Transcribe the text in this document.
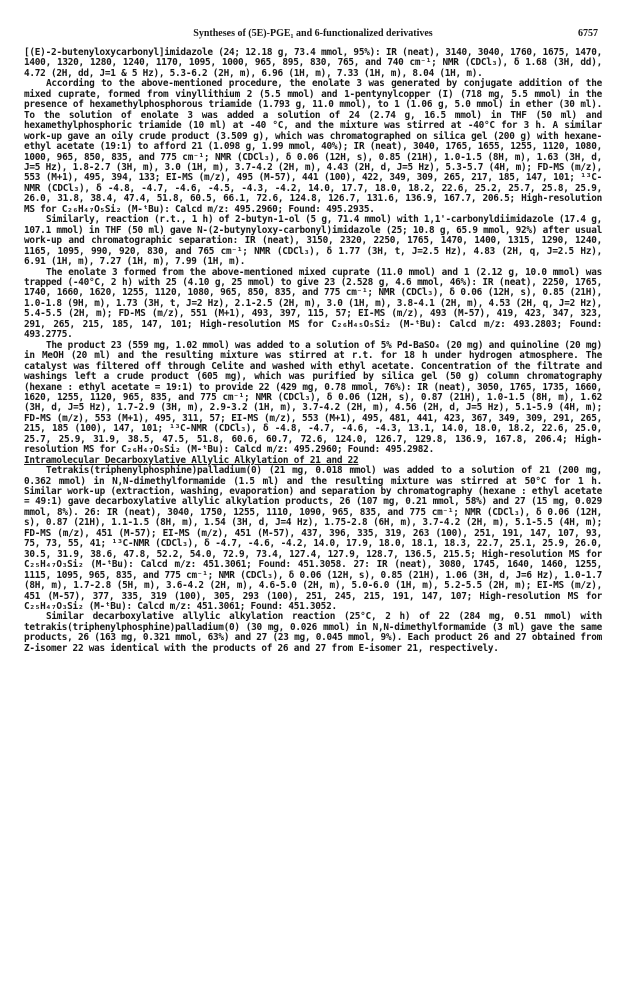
Syntheses of (5E)-PGE₁ and 6-functionalized derivatives	6757

[(E)-2-butenyloxycarbonyl]imidazole (24; 12.18 g, 73.4 mmol, 95%): IR (neat), 3140, 3040, 1760, 1675, 1470, 1400, 1320, 1280, 1240, 1170, 1095, 1000, 965, 895, 830, 765, and 740 cm⁻¹; NMR (CDCl₃), δ 1.68 (3H, dd), 4.72 (2H, dd, J=1 & 5 Hz), 5.3-6.2 (2H, m), 6.96 (1H, m), 7.33 (1H, m), 8.04 (1H, m).

According to the above-mentioned procedure, the enolate 3 was generated by conjugate addition of the mixed cuprate, formed from vinyllithium 2 (5.5 mmol) and 1-pentynylcopper (I) (718 mg, 5.5 mmol) in the presence of hexamethylphosphorous triamide (1.793 g, 11.0 mmol), to 1 (1.06 g, 5.0 mmol) in ether (30 ml). To the solution of enolate 3 was added a solution of 24 (2.74 g, 16.5 mmol) in THF (50 ml) and hexamethylphosphoric triamide (10 ml) at -40 °C, and the mixture was stirred at -40°C for 3 h. A similar work-up gave an oily crude product (3.509 g), which was chromatographed on silica gel (200 g) with hexane-ethyl acetate (19:1) to afford 21 (1.098 g, 1.99 mmol, 40%); IR (neat), 3040, 1765, 1655, 1255, 1120, 1080, 1000, 965, 850, 835, and 775 cm⁻¹; NMR (CDCl₃), δ 0.06 (12H, s), 0.85 (21H), 1.0-1.5 (8H, m), 1.63 (3H, d, J=5 Hz), 1.8-2.7 (3H, m), 3.0 (1H, m), 3.7-4.2 (2H, m), 4.43 (2H, d, J=5 Hz), 5.3-5.7 (4H, m); FD-MS (m/z), 553 (M+1), 495, 394, 133; EI-MS (m/z), 495 (M-57), 441 (100), 422, 349, 309, 265, 217, 185, 147, 101; ¹³C-NMR (CDCl₃), δ -4.8, -4.7, -4.6, -4.5, -4.3, -4.2, 14.0, 17.7, 18.0, 18.2, 22.6, 25.2, 25.7, 25.8, 25.9, 26.0, 31.8, 38.4, 47.4, 51.8, 60.5, 66.1, 72.6, 124.8, 126.7, 131.6, 136.9, 167.7, 206.5; High-resolution MS for C₂₆H₄₇O₅Si₂ (M-ᵗBu): Calcd m/z: 495.2960; Found: 495.2935.

Similarly, reaction (r.t., 1 h) of 2-butyn-1-ol (5 g, 71.4 mmol) with 1,1'-carbonyldiimidazole (17.4 g, 107.1 mmol) in THF (50 ml) gave N-(2-butynyloxy-carbonyl)imidazole (25; 10.8 g, 65.9 mmol, 92%) after usual work-up and chromatographic separation: IR (neat), 3150, 2320, 2250, 1765, 1470, 1400, 1315, 1290, 1240, 1165, 1095, 990, 920, 830, and 765 cm⁻¹; NMR (CDCl₃), δ 1.77 (3H, t, J=2.5 Hz), 4.83 (2H, q, J=2.5 Hz), 6.91 (1H, m), 7.27 (1H, m), 7.99 (1H, m).

The enolate 3 formed from the above-mentioned mixed cuprate (11.0 mmol) and 1 (2.12 g, 10.0 mmol) was trapped (-40°C, 2 h) with 25 (4.10 g, 25 mmol) to give 23 (2.528 g, 4.6 mmol, 46%): IR (neat), 2250, 1765, 1740, 1660, 1620, 1255, 1120, 1080, 965, 850, 835, and 775 cm⁻¹; NMR (CDCl₃), δ 0.06 (12H, s), 0.85 (21H), 1.0-1.8 (9H, m), 1.73 (3H, t, J=2 Hz), 2.1-2.5 (2H, m), 3.0 (1H, m), 3.8-4.1 (2H, m), 4.53 (2H, q, J=2 Hz), 5.4-5.5 (2H, m); FD-MS (m/z), 551 (M+1), 493, 397, 115, 57; EI-MS (m/z), 493 (M-57), 419, 423, 347, 323, 291, 265, 215, 185, 147, 101; High-resolution MS for C₂₆H₄₅O₅Si₂ (M-ᵗBu): Calcd m/z: 493.2803; Found: 493.2775.

The product 23 (559 mg, 1.02 mmol) was added to a solution of 5% Pd-BaSO₄ (20 mg) and quinoline (20 mg) in MeOH (20 ml) and the resulting mixture was stirred at r.t. for 18 h under hydrogen atmosphere. The catalyst was filtered off through Celite and washed with ethyl acetate. Concentration of the filtrate and washings left a crude product (605 mg), which was purified by silica gel (50 g) column chromatography (hexane : ethyl acetate = 19:1) to provide 22 (429 mg, 0.78 mmol, 76%): IR (neat), 3050, 1765, 1735, 1660, 1620, 1255, 1120, 965, 835, and 775 cm⁻¹; NMR (CDCl₃), δ 0.06 (12H, s), 0.87 (21H), 1.0-1.5 (8H, m), 1.62 (3H, d, J=5 Hz), 1.7-2.9 (3H, m), 2.9-3.2 (1H, m), 3.7-4.2 (2H, m), 4.56 (2H, d, J=5 Hz), 5.1-5.9 (4H, m); FD-MS (m/z), 553 (M+1), 495, 311, 57; EI-MS (m/z), 553 (M+1), 495, 481, 441, 423, 367, 349, 309, 291, 265, 215, 185 (100), 147, 101; ¹³C-NMR (CDCl₃), δ -4.8, -4.7, -4.6, -4.3, 13.1, 14.0, 18.0, 18.2, 22.6, 25.0, 25.7, 25.9, 31.9, 38.5, 47.5, 51.8, 60.6, 60.7, 72.6, 124.0, 126.7, 129.8, 136.9, 167.8, 206.4; High-resolution MS for C₂₆H₄₇O₅Si₂ (M-ᵗBu): Calcd m/z: 495.2960; Found: 495.2982.

Intramolecular Decarboxylative Allylic Alkylation of 21 and 22

Tetrakis(triphenylphosphine)palladium(0) (21 mg, 0.018 mmol) was added to a solution of 21 (200 mg, 0.362 mmol) in N,N-dimethylformamide (1.5 ml) and the resulting mixture was stirred at 50°C for 1 h. Similar work-up (extraction, washing, evaporation) and separation by chromatography (hexane : ethyl acetate = 49:1) gave decarboxylative allylic alkylation products, 26 (107 mg, 0.21 mmol, 58%) and 27 (15 mg, 0.029 mmol, 8%). 26: IR (neat), 3040, 1750, 1255, 1110, 1090, 965, 835, and 775 cm⁻¹; NMR (CDCl₃), δ 0.06 (12H, s), 0.87 (21H), 1.1-1.5 (8H, m), 1.54 (3H, d, J=4 Hz), 1.75-2.8 (6H, m), 3.7-4.2 (2H, m), 5.1-5.5 (4H, m); FD-MS (m/z), 451 (M-57); EI-MS (m/z), 451 (M-57), 437, 396, 335, 319, 263 (100), 251, 191, 147, 107, 93, 75, 73, 55, 41; ¹³C-NMR (CDCl₃), δ -4.7, -4.6, -4.2, 14.0, 17.9, 18.0, 18.1, 18.3, 22.7, 25.1, 25.9, 26.0, 30.5, 31.9, 38.6, 47.8, 52.2, 54.0, 72.9, 73.4, 127.4, 127.9, 128.7, 136.5, 215.5; High-resolution MS for C₂₅H₄₇O₃Si₂ (M-ᵗBu): Calcd m/z: 451.3061; Found: 451.3058. 27: IR (neat), 3080, 1745, 1640, 1460, 1255, 1115, 1095, 965, 835, and 775 cm⁻¹; NMR (CDCl₃), δ 0.06 (12H, s), 0.85 (21H), 1.06 (3H, d, J=6 Hz), 1.0-1.7 (8H, m), 1.7-2.8 (5H, m), 3.6-4.2 (2H, m), 4.6-5.0 (2H, m), 5.0-6.0 (1H, m), 5.2-5.5 (2H, m); EI-MS (m/z), 451 (M-57), 377, 335, 319 (100), 305, 293 (100), 251, 245, 215, 191, 147, 107; High-resolution MS for C₂₅H₄₇O₃Si₂ (M-ᵗBu): Calcd m/z: 451.3061; Found: 451.3052.

Similar decarboxylative allylic alkylation reaction (25°C, 2 h) of 22 (284 mg, 0.51 mmol) with tetrakis(triphenylphosphine)palladium(0) (30 mg, 0.026 mmol) in N,N-dimethylformamide (3 ml) gave the same products, 26 (163 mg, 0.321 mmol, 63%) and 27 (23 mg, 0.045 mmol, 9%). Each product 26 and 27 obtained from Z-isomer 22 was identical with the products of 26 and 27 from E-isomer 21, respectively.
